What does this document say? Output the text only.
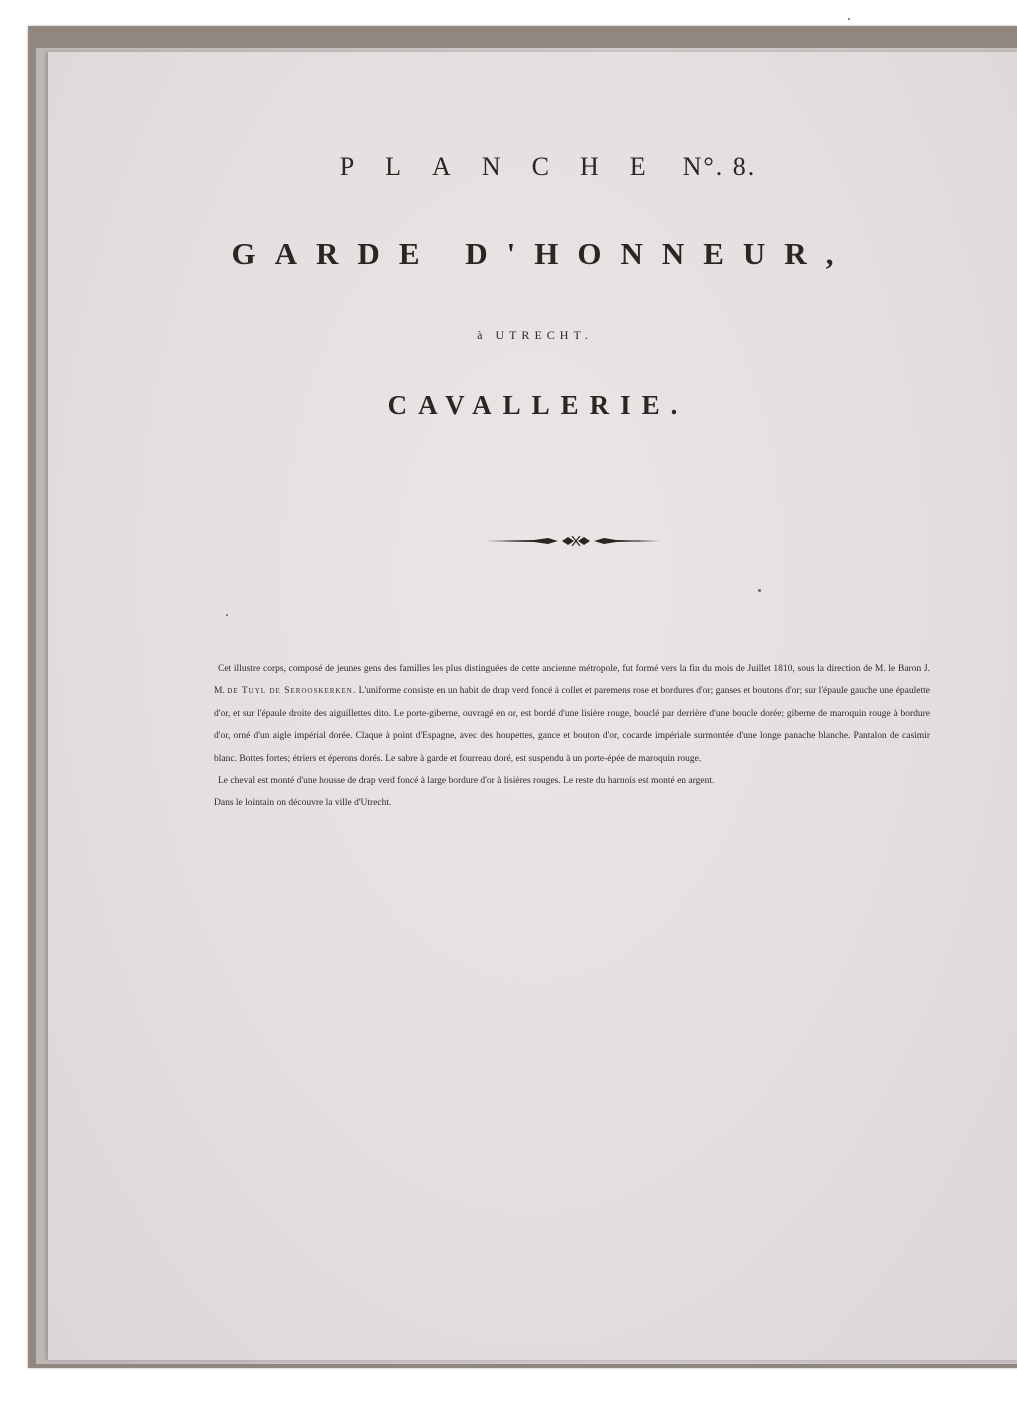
PLANCHE N°. 8.
GARDE D'HONNEUR,
à UTRECHT.
CAVALLERIE.

Cet illustre corps, composé de jeunes gens des familles les plus distinguées de cette ancienne métropole, fut formé vers la fin du mois de Juillet 1810, sous la direction de M. le Baron J. M. de Tuyl de Serooskerken. L'uniforme consiste en un habit de drap verd foncé à collet et paremens rose et bordures d'or; ganses et boutons d'or; sur l'épaule gauche une épaulette d'or, et sur l'épaule droite des aiguillettes dito. Le porte-giberne, ouvragé en or, est bordé d'une lisière rouge, bouclé par derrière d'une boucle dorée; giberne de maroquin rouge à bordure d'or, orné d'un aigle impérial dorée. Claque à point d'Espagne, avec des houpettes, gance et bouton d'or, cocarde impériale surmontée d'une longe panache blanche. Pantalon de casimir blanc. Bottes fortes; étriers et éperons dorés. Le sabre à garde et fourreau doré, est suspendu à un porte-épée de maroquin rouge.

Le cheval est monté d'une housse de drap verd foncé à large bordure d'or à lisières rouges. Le reste du harnois est monté en argent.

Dans le lointain on découvre la ville d'Utrecht.
